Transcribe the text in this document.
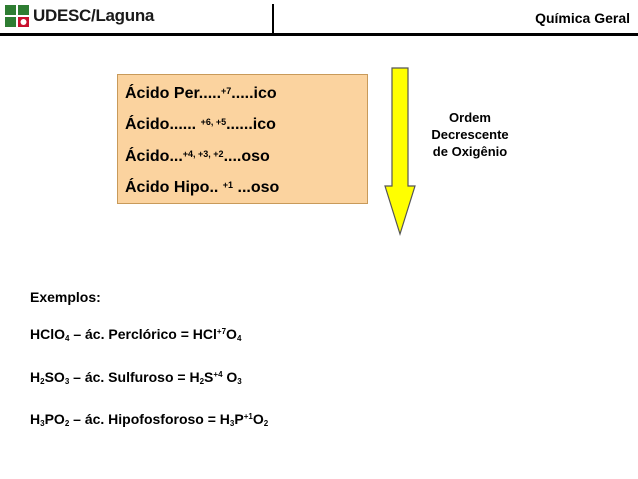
UDESC/Laguna	Química Geral
Ácido Per.....$^{+7}$.....ico
Ácido...... $^{+6, +5}$......ico
Ácido...$^{+4, +3, +2}$....oso
Ácido Hipo.. $^{+1}$ ...oso
Ordem
Decrescente
de Oxigênio
Exemplos:
HClO$_4$ – ác. Perclórico = $HCl^{+7}O_4$
$H_2SO_3$ – ác. Sulfuroso = $H_2S^{+4}$ $O_3$
$H_3PO_2$ – ác. Hipofosforoso = $H_3P^{+1}O_2$
